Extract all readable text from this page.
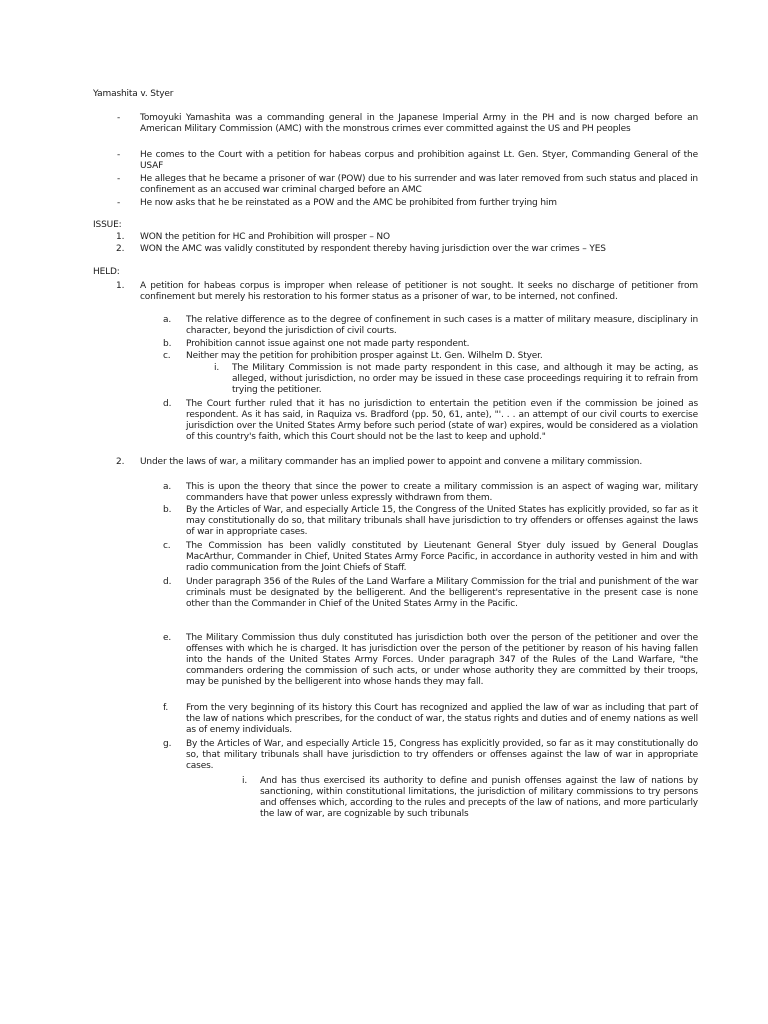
Yamashita v. Styer
- Tomoyuki Yamashita was a commanding general in the Japanese Imperial Army in the PH and is now charged before an American Military Commission (AMC) with the monstrous crimes ever committed against the US and PH peoples
- He comes to the Court with a petition for habeas corpus and prohibition against Lt. Gen. Styer, Commanding General of the USAF
- He alleges that he became a prisoner of war (POW) due to his surrender and was later removed from such status and placed in confinement as an accused war criminal charged before an AMC
- He now asks that he be reinstated as a POW and the AMC be prohibited from further trying him
ISSUE:
1. WON the petition for HC and Prohibition will prosper – NO
2. WON the AMC was validly constituted by respondent thereby having jurisdiction over the war crimes – YES
HELD:
1. A petition for habeas corpus is improper when release of petitioner is not sought. It seeks no discharge of petitioner from confinement but merely his restoration to his former status as a prisoner of war, to be interned, not confined.
a. The relative difference as to the degree of confinement in such cases is a matter of military measure, disciplinary in character, beyond the jurisdiction of civil courts.
b. Prohibition cannot issue against one not made party respondent.
c. Neither may the petition for prohibition prosper against Lt. Gen. Wilhelm D. Styer.
i. The Military Commission is not made party respondent in this case, and although it may be acting, as alleged, without jurisdiction, no order may be issued in these case proceedings requiring it to refrain from trying the petitioner.
d. The Court further ruled that it has no jurisdiction to entertain the petition even if the commission be joined as respondent. As it has said, in Raquiza vs. Bradford (pp. 50, 61, ante), "'. . . an attempt of our civil courts to exercise jurisdiction over the United States Army before such period (state of war) expires, would be considered as a violation of this country's faith, which this Court should not be the last to keep and uphold."
2. Under the laws of war, a military commander has an implied power to appoint and convene a military commission.
a. This is upon the theory that since the power to create a military commission is an aspect of waging war, military commanders have that power unless expressly withdrawn from them.
b. By the Articles of War, and especially Article 15, the Congress of the United States has explicitly provided, so far as it may constitutionally do so, that military tribunals shall have jurisdiction to try offenders or offenses against the laws of war in appropriate cases.
c. The Commission has been validly constituted by Lieutenant General Styer duly issued by General Douglas MacArthur, Commander in Chief, United States Army Force Pacific, in accordance in authority vested in him and with radio communication from the Joint Chiefs of Staff.
d. Under paragraph 356 of the Rules of the Land Warfare a Military Commission for the trial and punishment of the war criminals must be designated by the belligerent. And the belligerent's representative in the present case is none other than the Commander in Chief of the United States Army in the Pacific.
e. The Military Commission thus duly constituted has jurisdiction both over the person of the petitioner and over the offenses with which he is charged. It has jurisdiction over the person of the petitioner by reason of his having fallen into the hands of the United States Army Forces. Under paragraph 347 of the Rules of the Land Warfare, "the commanders ordering the commission of such acts, or under whose authority they are committed by their troops, may be punished by the belligerent into whose hands they may fall.
f. From the very beginning of its history this Court has recognized and applied the law of war as including that part of the law of nations which prescribes, for the conduct of war, the status rights and duties and of enemy nations as well as of enemy individuals.
g. By the Articles of War, and especially Article 15, Congress has explicitly provided, so far as it may constitutionally do so, that military tribunals shall have jurisdiction to try offenders or offenses against the law of war in appropriate cases.
i. And has thus exercised its authority to define and punish offenses against the law of nations by sanctioning, within constitutional limitations, the jurisdiction of military commissions to try persons and offenses which, according to the rules and precepts of the law of nations, and more particularly the law of war, are cognizable by such tribunals
